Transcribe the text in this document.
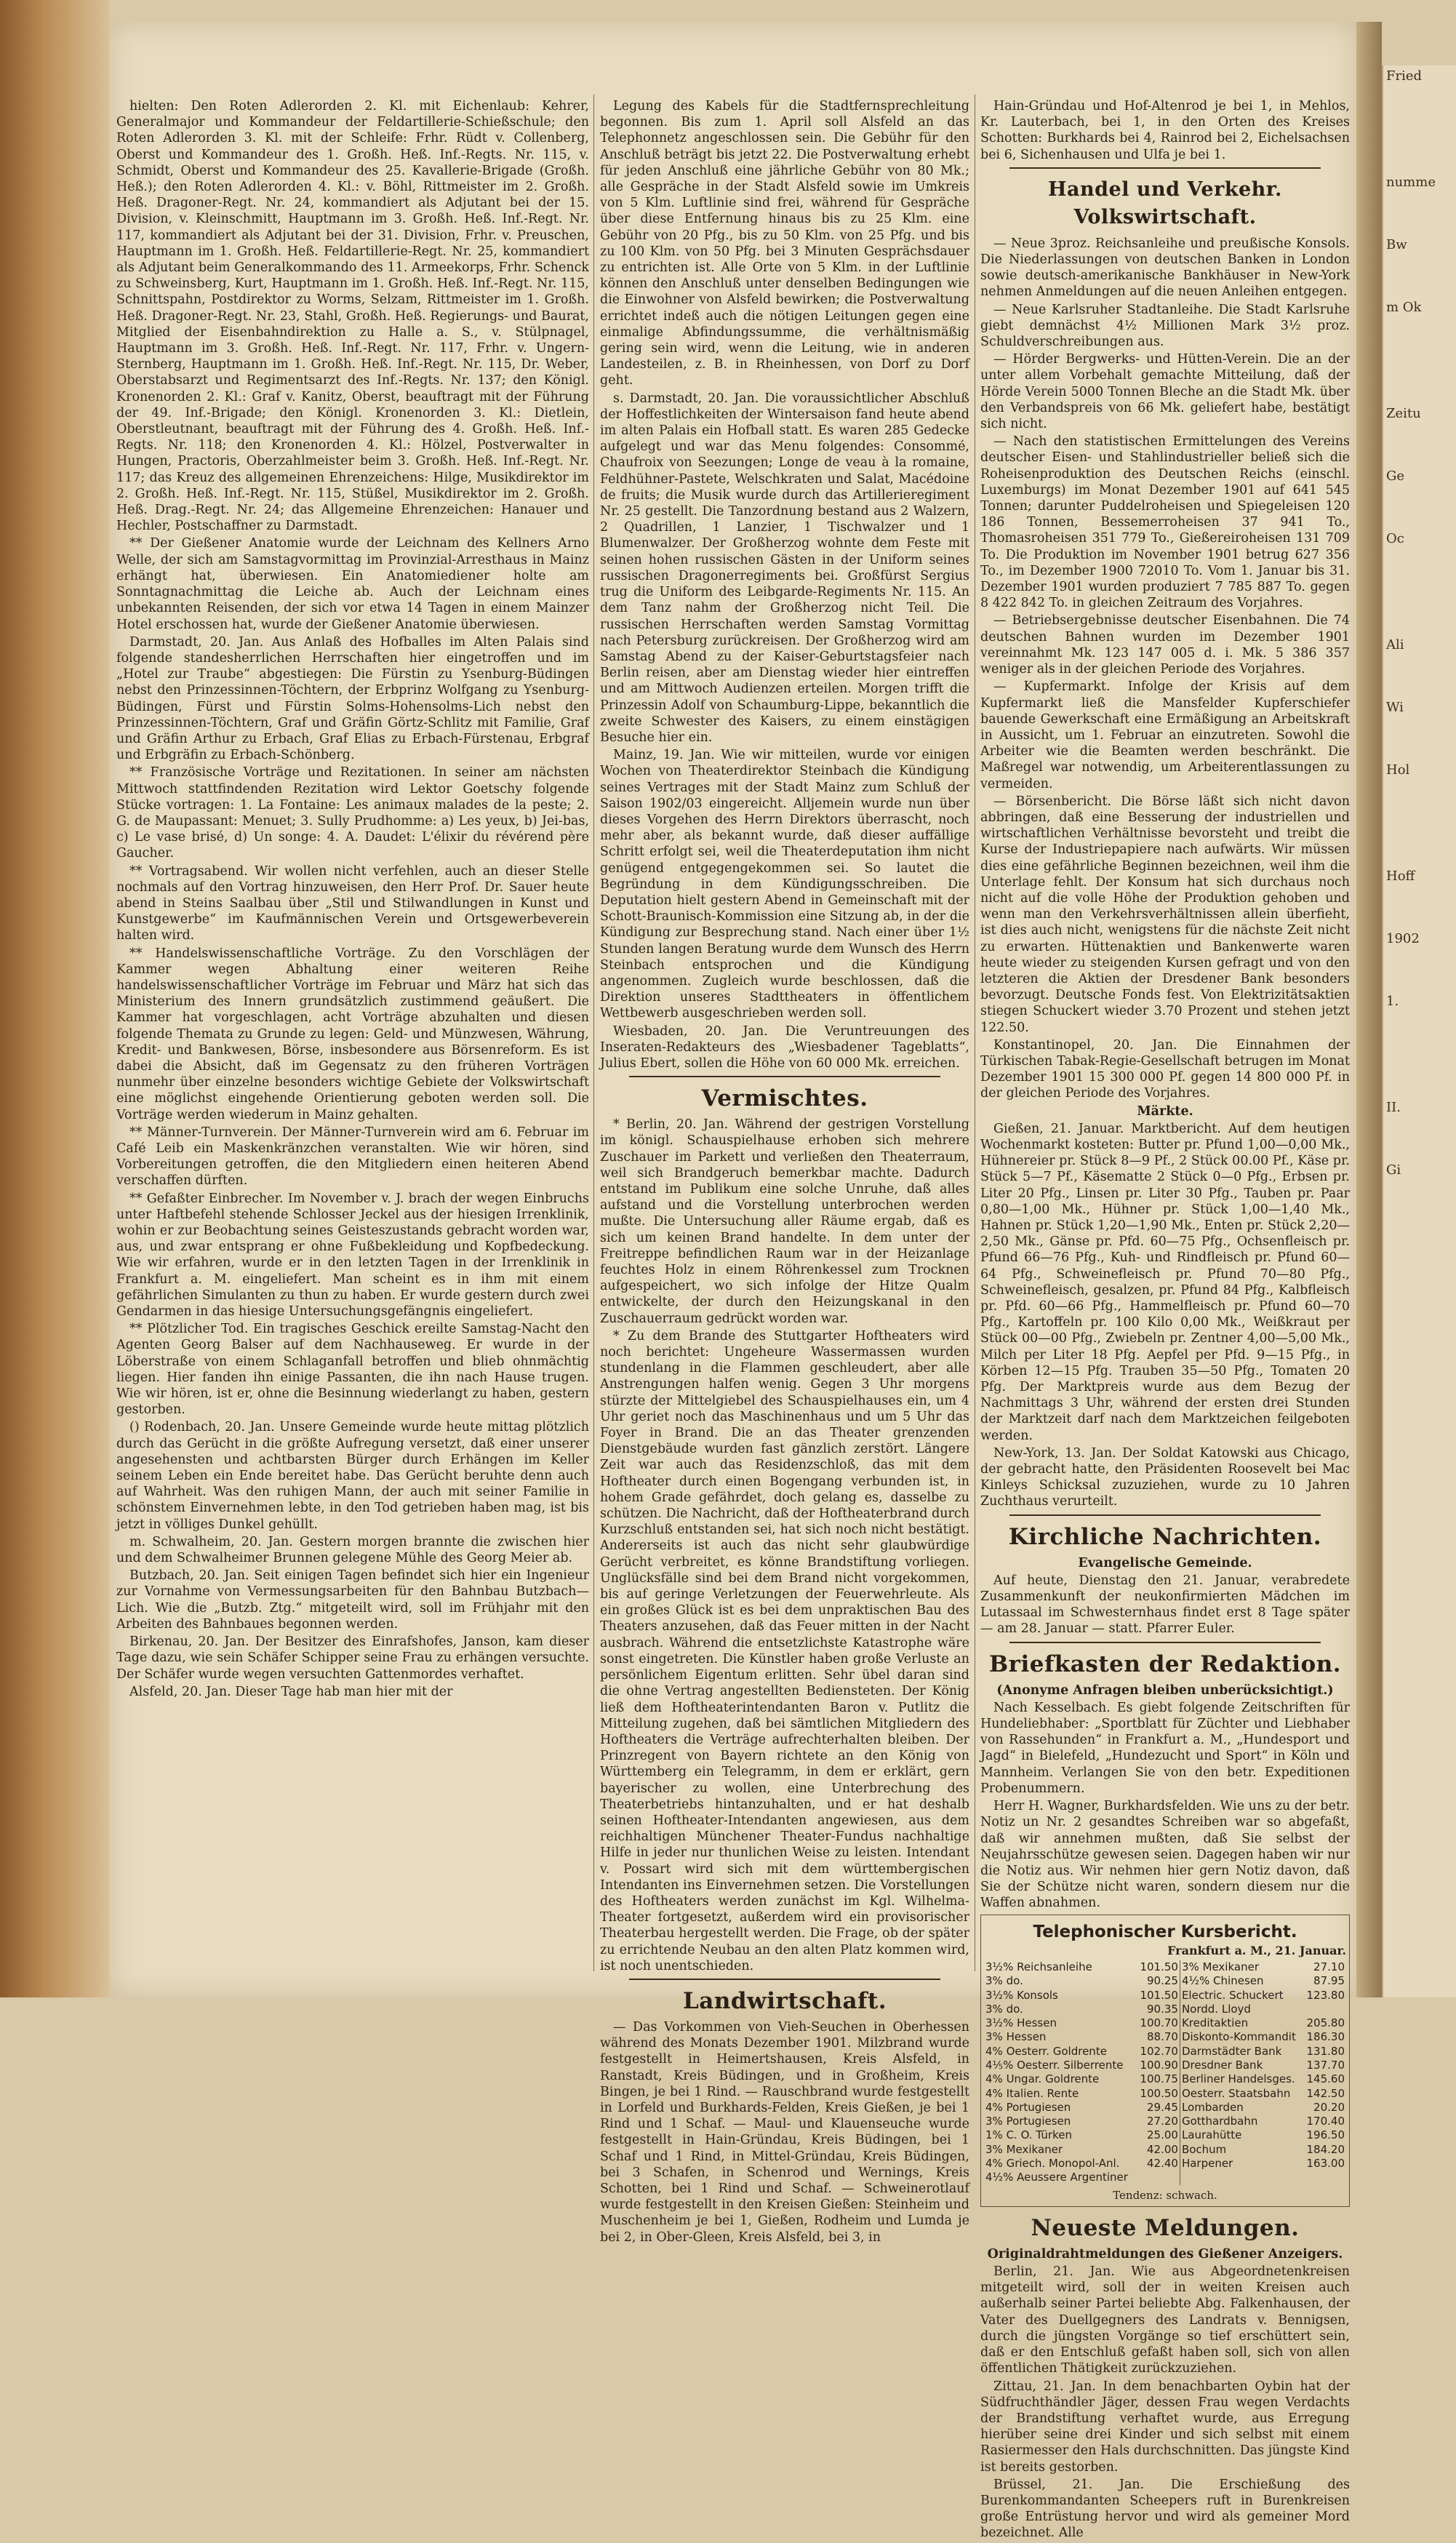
Fried
numme
Bw
m Ok
Zeitu
Ge
Oc
Ali
Wi
Hol
Hoff
1902
1.
II.
Gi

hielten: Den Roten Adlerorden 2. Kl. mit Eichenlaub: Kehrer, Generalmajor und Kommandeur der Feldartillerie-Schießschule; den Roten Adlerorden 3. Kl. mit der Schleife: Frhr. Rüdt v. Collenberg, Oberst und Kommandeur des 1. Großh. Heß. Inf.-Regts. Nr. 115, v. Schmidt, Oberst und Kommandeur des 25. Kavallerie-Brigade (Großh. Heß.); den Roten Adlerorden 4. Kl.: v. Böhl, Rittmeister im 2. Großh. Heß. Dragoner-Regt. Nr. 24, kommandiert als Adjutant bei der 15. Division, v. Kleinschmitt, Hauptmann im 3. Großh. Heß. Inf.-Regt. Nr. 117, kommandiert als Adjutant bei der 31. Division, Frhr. v. Preuschen, Hauptmann im 1. Großh. Heß. Feldartillerie-Regt. Nr. 25, kommandiert als Adjutant beim Generalkommando des 11. Armeekorps, Frhr. Schenck zu Schweinsberg, Kurt, Hauptmann im 1. Großh. Heß. Inf.-Regt. Nr. 115, Schnittspahn, Postdirektor zu Worms, Selzam, Rittmeister im 1. Großh. Heß. Dragoner-Regt. Nr. 23, Stahl, Großh. Heß. Regierungs- und Baurat, Mitglied der Eisenbahndirektion zu Halle a. S., v. Stülpnagel, Hauptmann im 3. Großh. Heß. Inf.-Regt. Nr. 117, Frhr. v. Ungern-Sternberg, Hauptmann im 1. Großh. Heß. Inf.-Regt. Nr. 115, Dr. Weber, Oberstabsarzt und Regimentsarzt des Inf.-Regts. Nr. 137; den Königl. Kronenorden 2. Kl.: Graf v. Kanitz, Oberst, beauftragt mit der Führung der 49. Inf.-Brigade; den Königl. Kronenorden 3. Kl.: Dietlein, Oberstleutnant, beauftragt mit der Führung des 4. Großh. Heß. Inf.-Regts. Nr. 118; den Kronenorden 4. Kl.: Hölzel, Postverwalter in Hungen, Practoris, Oberzahlmeister beim 3. Großh. Heß. Inf.-Regt. Nr. 117; das Kreuz des allgemeinen Ehrenzeichens: Hilge, Musikdirektor im 2. Großh. Heß. Inf.-Regt. Nr. 115, Stüßel, Musikdirektor im 2. Großh. Heß. Drag.-Regt. Nr. 24; das Allgemeine Ehrenzeichen: Hanauer und Hechler, Postschaffner zu Darmstadt.

** Der Gießener Anatomie wurde der Leichnam des Kellners Arno Welle, der sich am Samstagvormittag im Provinzial-Arresthaus in Mainz erhängt hat, überwiesen. Ein Anatomiediener holte am Sonntagnachmittag die Leiche ab. Auch der Leichnam eines unbekannten Reisenden, der sich vor etwa 14 Tagen in einem Mainzer Hotel erschossen hat, wurde der Gießener Anatomie überwiesen.

Darmstadt, 20. Jan. Aus Anlaß des Hofballes im Alten Palais sind folgende standesherrlichen Herrschaften hier eingetroffen und im „Hotel zur Traube“ abgestiegen: Die Fürstin zu Ysenburg-Büdingen nebst den Prinzessinnen-Töchtern, der Erbprinz Wolfgang zu Ysenburg-Büdingen, Fürst und Fürstin Solms-Hohensolms-Lich nebst den Prinzessinnen-Töchtern, Graf und Gräfin Görtz-Schlitz mit Familie, Graf und Gräfin Arthur zu Erbach, Graf Elias zu Erbach-Fürstenau, Erbgraf und Erbgräfin zu Erbach-Schönberg.

** Französische Vorträge und Rezitationen. In seiner am nächsten Mittwoch stattfindenden Rezitation wird Lektor Goetschy folgende Stücke vortragen: 1. La Fontaine: Les animaux malades de la peste; 2. G. de Maupassant: Menuet; 3. Sully Prudhomme: a) Les yeux, b) Jei-bas, c) Le vase brisé, d) Un songe: 4. A. Daudet: L'élixir du révérend père Gaucher.

** Vortragsabend. Wir wollen nicht verfehlen, auch an dieser Stelle nochmals auf den Vortrag hinzuweisen, den Herr Prof. Dr. Sauer heute abend in Steins Saalbau über „Stil und Stilwandlungen in Kunst und Kunstgewerbe“ im Kaufmännischen Verein und Ortsgewerbeverein halten wird.

** Handelswissenschaftliche Vorträge. Zu den Vorschlägen der Kammer wegen Abhaltung einer weiteren Reihe handelswissenschaftlicher Vorträge im Februar und März hat sich das Ministerium des Innern grundsätzlich zustimmend geäußert. Die Kammer hat vorgeschlagen, acht Vorträge abzuhalten und diesen folgende Themata zu Grunde zu legen: Geld- und Münzwesen, Währung, Kredit- und Bankwesen, Börse, insbesondere aus Börsenreform. Es ist dabei die Absicht, daß im Gegensatz zu den früheren Vorträgen nunmehr über einzelne besonders wichtige Gebiete der Volkswirtschaft eine möglichst eingehende Orientierung geboten werden soll. Die Vorträge werden wiederum in Mainz gehalten.

** Männer-Turnverein. Der Männer-Turnverein wird am 6. Februar im Café Leib ein Maskenkränzchen veranstalten. Wie wir hören, sind Vorbereitungen getroffen, die den Mitgliedern einen heiteren Abend verschaffen dürften.

** Gefaßter Einbrecher. Im November v. J. brach der wegen Einbruchs unter Haftbefehl stehende Schlosser Jeckel aus der hiesigen Irrenklinik, wohin er zur Beobachtung seines Geisteszustands gebracht worden war, aus, und zwar entsprang er ohne Fußbekleidung und Kopfbedeckung. Wie wir erfahren, wurde er in den letzten Tagen in der Irrenklinik in Frankfurt a. M. eingeliefert. Man scheint es in ihm mit einem gefährlichen Simulanten zu thun zu haben. Er wurde gestern durch zwei Gendarmen in das hiesige Untersuchungsgefängnis eingeliefert.

** Plötzlicher Tod. Ein tragisches Geschick ereilte Samstag-Nacht den Agenten Georg Balser auf dem Nachhauseweg. Er wurde in der Löberstraße von einem Schlaganfall betroffen und blieb ohnmächtig liegen. Hier fanden ihn einige Passanten, die ihn nach Hause trugen. Wie wir hören, ist er, ohne die Besinnung wiederlangt zu haben, gestern gestorben.

() Rodenbach, 20. Jan. Unsere Gemeinde wurde heute mittag plötzlich durch das Gerücht in die größte Aufregung versetzt, daß einer unserer angesehensten und achtbarsten Bürger durch Erhängen im Keller seinem Leben ein Ende bereitet habe. Das Gerücht beruhte denn auch auf Wahrheit. Was den ruhigen Mann, der auch mit seiner Familie in schönstem Einvernehmen lebte, in den Tod getrieben haben mag, ist bis jetzt in völliges Dunkel gehüllt.

m. Schwalheim, 20. Jan. Gestern morgen brannte die zwischen hier und dem Schwalheimer Brunnen gelegene Mühle des Georg Meier ab.

Butzbach, 20. Jan. Seit einigen Tagen befindet sich hier ein Ingenieur zur Vornahme von Vermessungsarbeiten für den Bahnbau Butzbach—Lich. Wie die „Butzb. Ztg.“ mitgeteilt wird, soll im Frühjahr mit den Arbeiten des Bahnbaues begonnen werden.

Birkenau, 20. Jan. Der Besitzer des Einrafshofes, Janson, kam dieser Tage dazu, wie sein Schäfer Schipper seine Frau zu erhängen versuchte. Der Schäfer wurde wegen versuchten Gattenmordes verhaftet.

Alsfeld, 20. Jan. Dieser Tage hab man hier mit der

Legung des Kabels für die Stadtfernsprechleitung begonnen. Bis zum 1. April soll Alsfeld an das Telephonnetz angeschlossen sein. Die Gebühr für den Anschluß beträgt bis jetzt 22. Die Postverwaltung erhebt für jeden Anschluß eine jährliche Gebühr von 80 Mk.; alle Gespräche in der Stadt Alsfeld sowie im Umkreis von 5 Klm. Luftlinie sind frei, während für Gespräche über diese Entfernung hinaus bis zu 25 Klm. eine Gebühr von 20 Pfg., bis zu 50 Klm. von 25 Pfg. und bis zu 100 Klm. von 50 Pfg. bei 3 Minuten Gesprächsdauer zu entrichten ist. Alle Orte von 5 Klm. in der Luftlinie können den Anschluß unter denselben Bedingungen wie die Einwohner von Alsfeld bewirken; die Postverwaltung errichtet indeß auch die nötigen Leitungen gegen eine einmalige Abfindungssumme, die verhältnismäßig gering sein wird, wenn die Leitung, wie in anderen Landesteilen, z. B. in Rheinhessen, von Dorf zu Dorf geht.

s. Darmstadt, 20. Jan. Die voraussichtlicher Abschluß der Hoffestlichkeiten der Wintersaison fand heute abend im alten Palais ein Hofball statt. Es waren 285 Gedecke aufgelegt und war das Menu folgendes: Consommé, Chaufroix von Seezungen; Longe de veau à la romaine, Feldhühner-Pastete, Welschkraten und Salat, Macédoine de fruits; die Musik wurde durch das Artillerieregiment Nr. 25 gestellt. Die Tanzordnung bestand aus 2 Walzern, 2 Quadrillen, 1 Lanzier, 1 Tischwalzer und 1 Blumenwalzer. Der Großherzog wohnte dem Feste mit seinen hohen russischen Gästen in der Uniform seines russischen Dragonerregiments bei. Großfürst Sergius trug die Uniform des Leibgarde-Regiments Nr. 115. An dem Tanz nahm der Großherzog nicht Teil. Die russischen Herrschaften werden Samstag Vormittag nach Petersburg zurückreisen. Der Großherzog wird am Samstag Abend zu der Kaiser-Geburtstagsfeier nach Berlin reisen, aber am Dienstag wieder hier eintreffen und am Mittwoch Audienzen erteilen. Morgen trifft die Prinzessin Adolf von Schaumburg-Lippe, bekanntlich die zweite Schwester des Kaisers, zu einem einstägigen Besuche hier ein.

Mainz, 19. Jan. Wie wir mitteilen, wurde vor einigen Wochen von Theaterdirektor Steinbach die Kündigung seines Vertrages mit der Stadt Mainz zum Schluß der Saison 1902/03 eingereicht. Alljemein wurde nun über dieses Vorgehen des Herrn Direktors überrascht, noch mehr aber, als bekannt wurde, daß dieser auffällige Schritt erfolgt sei, weil die Theaterdeputation ihm nicht genügend entgegengekommen sei. So lautet die Begründung in dem Kündigungsschreiben. Die Deputation hielt gestern Abend in Gemeinschaft mit der Schott-Braunisch-Kommission eine Sitzung ab, in der die Kündigung zur Besprechung stand. Nach einer über 1½ Stunden langen Beratung wurde dem Wunsch des Herrn Steinbach entsprochen und die Kündigung angenommen. Zugleich wurde beschlossen, daß die Direktion unseres Stadttheaters in öffentlichem Wettbewerb ausgeschrieben werden soll.

Wiesbaden, 20. Jan. Die Veruntreuungen des Inseraten-Redakteurs des „Wiesbadener Tageblatts“, Julius Ebert, sollen die Höhe von 60 000 Mk. erreichen.

Vermischtes.

* Berlin, 20. Jan. Während der gestrigen Vorstellung im königl. Schauspielhause erhoben sich mehrere Zuschauer im Parkett und verließen den Theaterraum, weil sich Brandgeruch bemerkbar machte. Dadurch entstand im Publikum eine solche Unruhe, daß alles aufstand und die Vorstellung unterbrochen werden mußte. Die Untersuchung aller Räume ergab, daß es sich um keinen Brand handelte. In dem unter der Freitreppe befindlichen Raum war in der Heizanlage feuchtes Holz in einem Röhrenkessel zum Trocknen aufgespeichert, wo sich infolge der Hitze Qualm entwickelte, der durch den Heizungskanal in den Zuschauerraum gedrückt worden war.

* Zu dem Brande des Stuttgarter Hoftheaters wird noch berichtet: Ungeheure Wassermassen wurden stundenlang in die Flammen geschleudert, aber alle Anstrengungen halfen wenig. Gegen 3 Uhr morgens stürzte der Mittelgiebel des Schauspielhauses ein, um 4 Uhr geriet noch das Maschinenhaus und um 5 Uhr das Foyer in Brand. Die an das Theater grenzenden Dienstgebäude wurden fast gänzlich zerstört. Längere Zeit war auch das Residenzschloß, das mit dem Hoftheater durch einen Bogengang verbunden ist, in hohem Grade gefährdet, doch gelang es, dasselbe zu schützen. Die Nachricht, daß der Hoftheaterbrand durch Kurzschluß entstanden sei, hat sich noch nicht bestätigt. Andererseits ist auch das nicht sehr glaubwürdige Gerücht verbreitet, es könne Brandstiftung vorliegen. Unglücksfälle sind bei dem Brand nicht vorgekommen, bis auf geringe Verletzungen der Feuerwehrleute. Als ein großes Glück ist es bei dem unpraktischen Bau des Theaters anzusehen, daß das Feuer mitten in der Nacht ausbrach. Während die entsetzlichste Katastrophe wäre sonst eingetreten. Die Künstler haben große Verluste an persönlichem Eigentum erlitten. Sehr übel daran sind die ohne Vertrag angestellten Bediensteten. Der König ließ dem Hoftheaterintendanten Baron v. Putlitz die Mitteilung zugehen, daß bei sämtlichen Mitgliedern des Hoftheaters die Verträge aufrechterhalten bleiben. Der Prinzregent von Bayern richtete an den König von Württemberg ein Telegramm, in dem er erklärt, gern bayerischer zu wollen, eine Unterbrechung des Theaterbetriebs hintanzuhalten, und er hat deshalb seinen Hoftheater-Intendanten angewiesen, aus dem reichhaltigen Münchener Theater-Fundus nachhaltige Hilfe in jeder nur thunlichen Weise zu leisten. Intendant v. Possart wird sich mit dem württembergischen Intendanten ins Einvernehmen setzen. Die Vorstellungen des Hoftheaters werden zunächst im Kgl. Wilhelma-Theater fortgesetzt, außerdem wird ein provisorischer Theaterbau hergestellt werden. Die Frage, ob der später zu errichtende Neubau an den alten Platz kommen wird, ist noch unentschieden.

Landwirtschaft.

— Das Vorkommen von Vieh-Seuchen in Oberhessen während des Monats Dezember 1901. Milzbrand wurde festgestellt in Heimertshausen, Kreis Alsfeld, in Ranstadt, Kreis Büdingen, und in Großheim, Kreis Bingen, je bei 1 Rind. — Rauschbrand wurde festgestellt in Lorfeld und Burkhards-Felden, Kreis Gießen, je bei 1 Rind und 1 Schaf. — Maul- und Klauenseuche wurde festgestellt in Hain-Gründau, Kreis Büdingen, bei 1 Schaf und 1 Rind, in Mittel-Gründau, Kreis Büdingen, bei 3 Schafen, in Schenrod und Wernings, Kreis Schotten, bei 1 Rind und Schaf. — Schweinerotlauf wurde festgestellt in den Kreisen Gießen: Steinheim und Muschenheim je bei 1, Gießen, Rodheim und Lumda je bei 2, in Ober-Gleen, Kreis Alsfeld, bei 3, in

Hain-Gründau und Hof-Altenrod je bei 1, in Mehlos, Kr. Lauterbach, bei 1, in den Orten des Kreises Schotten: Burkhards bei 4, Rainrod bei 2, Eichelsachsen bei 6, Sichenhausen und Ulfa je bei 1.

Handel und Verkehr. Volkswirtschaft.

— Neue 3proz. Reichsanleihe und preußische Konsols. Die Niederlassungen von deutschen Banken in London sowie deutsch-amerikanische Bankhäuser in New-York nehmen Anmeldungen auf die neuen Anleihen entgegen.

— Neue Karlsruher Stadtanleihe. Die Stadt Karlsruhe giebt demnächst 4½ Millionen Mark 3½ proz. Schuldverschreibungen aus.

— Hörder Bergwerks- und Hütten-Verein. Die an der unter allem Vorbehalt gemachte Mitteilung, daß der Hörde Verein 5000 Tonnen Bleche an die Stadt Mk. über den Verbandspreis von 66 Mk. geliefert habe, bestätigt sich nicht.

— Nach den statistischen Ermittelungen des Vereins deutscher Eisen- und Stahlindustrieller beließ sich die Roheisenproduktion des Deutschen Reichs (einschl. Luxemburgs) im Monat Dezember 1901 auf 641 545 Tonnen; darunter Puddelroheisen und Spiegeleisen 120 186 Tonnen, Bessemerroheisen 37 941 To., Thomasroheisen 351 779 To., Gießereiroheisen 131 709 To. Die Produktion im November 1901 betrug 627 356 To., im Dezember 1900 72010 To. Vom 1. Januar bis 31. Dezember 1901 wurden produziert 7 785 887 To. gegen 8 422 842 To. in gleichen Zeitraum des Vorjahres.

— Betriebsergebnisse deutscher Eisenbahnen. Die 74 deutschen Bahnen wurden im Dezember 1901 vereinnahmt Mk. 123 147 005 d. i. Mk. 5 386 357 weniger als in der gleichen Periode des Vorjahres.

— Kupfermarkt. Infolge der Krisis auf dem Kupfermarkt ließ die Mansfelder Kupferschiefer bauende Gewerkschaft eine Ermäßigung an Arbeitskraft in Aussicht, um 1. Februar an einzutreten. Sowohl die Arbeiter wie die Beamten werden beschränkt. Die Maßregel war notwendig, um Arbeiterentlassungen zu vermeiden.

— Börsenbericht. Die Börse läßt sich nicht davon abbringen, daß eine Besserung der industriellen und wirtschaftlichen Verhältnisse bevorsteht und treibt die Kurse der Industriepapiere nach aufwärts. Wir müssen dies eine gefährliche Beginnen bezeichnen, weil ihm die Unterlage fehlt. Der Konsum hat sich durchaus noch nicht auf die volle Höhe der Produktion gehoben und wenn man den Verkehrsverhältnissen allein überfieht, ist dies auch nicht, wenigstens für die nächste Zeit nicht zu erwarten. Hüttenaktien und Bankenwerte waren heute wieder zu steigenden Kursen gefragt und von den letzteren die Aktien der Dresdener Bank besonders bevorzugt. Deutsche Fonds fest. Von Elektrizitätsaktien stiegen Schuckert wieder 3.70 Prozent und stehen jetzt 122.50.

Konstantinopel, 20. Jan. Die Einnahmen der Türkischen Tabak-Regie-Gesellschaft betrugen im Monat Dezember 1901 15 300 000 Pf. gegen 14 800 000 Pf. in der gleichen Periode des Vorjahres.

Märkte.

Gießen, 21. Januar. Marktbericht. Auf dem heutigen Wochenmarkt kosteten: Butter pr. Pfund 1,00—0,00 Mk., Hühnereier pr. Stück 8—9 Pf., 2 Stück 00.00 Pf., Käse pr. Stück 5—7 Pf., Käsematte 2 Stück 0—0 Pfg., Erbsen pr. Liter 20 Pfg., Linsen pr. Liter 30 Pfg., Tauben pr. Paar 0,80—1,00 Mk., Hühner pr. Stück 1,00—1,40 Mk., Hahnen pr. Stück 1,20—1,90 Mk., Enten pr. Stück 2,20—2,50 Mk., Gänse pr. Pfd. 60—75 Pfg., Ochsenfleisch pr. Pfund 66—76 Pfg., Kuh- und Rindfleisch pr. Pfund 60—64 Pfg., Schweinefleisch pr. Pfund 70—80 Pfg., Schweinefleisch, gesalzen, pr. Pfund 84 Pfg., Kalbfleisch pr. Pfd. 60—66 Pfg., Hammelfleisch pr. Pfund 60—70 Pfg., Kartoffeln pr. 100 Kilo 0,00 Mk., Weißkraut per Stück 00—00 Pfg., Zwiebeln pr. Zentner 4,00—5,00 Mk., Milch per Liter 18 Pfg. Aepfel per Pfd. 9—15 Pfg., in Körben 12—15 Pfg. Trauben 35—50 Pfg., Tomaten 20 Pfg. Der Marktpreis wurde aus dem Bezug der Nachmittags 3 Uhr, während der ersten drei Stunden der Marktzeit darf nach dem Marktzeichen feilgeboten werden.

New-York, 13. Jan. Der Soldat Katowski aus Chicago, der gebracht hatte, den Präsidenten Roosevelt bei Mac Kinleys Schicksal zuzuziehen, wurde zu 10 Jahren Zuchthaus verurteilt.

Kirchliche Nachrichten.
Evangelische Gemeinde.

Auf heute, Dienstag den 21. Januar, verabredete Zusammenkunft der neukonfirmierten Mädchen im Lutassaal im Schwesternhaus findet erst 8 Tage später — am 28. Januar — statt. Pfarrer Euler.

Briefkasten der Redaktion.
(Anonyme Anfragen bleiben unberücksichtigt.)

Nach Kesselbach. Es giebt folgende Zeitschriften für Hundeliebhaber: „Sportblatt für Züchter und Liebhaber von Rassehunden“ in Frankfurt a. M., „Hundesport und Jagd“ in Bielefeld, „Hundezucht und Sport“ in Köln und Mannheim. Verlangen Sie von den betr. Expeditionen Probenummern.

Herr H. Wagner, Burkhardsfelden. Wie uns zu der betr. Notiz un Nr. 2 gesandtes Schreiben war so abgefaßt, daß wir annehmen mußten, daß Sie selbst der Neujahrsschütze gewesen seien. Dagegen haben wir nur die Notiz aus. Wir nehmen hier gern Notiz davon, daß Sie der Schütze nicht waren, sondern diesem nur die Waffen abnahmen.

Telephonischer Kursbericht.
Frankfurt a. M., 21. Januar.
3½% Reichsanleihe	101.50	3% Mexikaner	27.10
3% do.	90.25	4½% Chinesen	87.95
3½% Konsols	101.50	Electric. Schuckert	123.80
3% do.	90.35	Nordd. Lloyd	
3½% Hessen	100.70	Kreditaktien	205.80
3% Hessen	88.70	Diskonto-Kommandit	186.30
4% Oesterr. Goldrente	102.70	Darmstädter Bank	131.80
4⅕% Oesterr. Silberrente	100.90	Dresdner Bank	137.70
4% Ungar. Goldrente	100.75	Berliner Handelsges.	145.60
4% Italien. Rente	100.50	Oesterr. Staatsbahn	142.50
4% Portugiesen	29.45	Lombarden	20.20
3% Portugiesen	27.20	Gotthardbahn	170.40
1% C. O. Türken	25.00	Laurahütte	196.50
3% Mexikaner	42.00	Bochum	184.20
4% Griech. Monopol-Anl.	42.40	Harpener	163.00
4½% Aeussere Argentiner			
Tendenz: schwach.
Neueste Meldungen.
Originaldrahtmeldungen des Gießener Anzeigers.

Berlin, 21. Jan. Wie aus Abgeordnetenkreisen mitgeteilt wird, soll der in weiten Kreisen auch außerhalb seiner Partei beliebte Abg. Falkenhausen, der Vater des Duellgegners des Landrats v. Bennigsen, durch die jüngsten Vorgänge so tief erschüttert sein, daß er den Entschluß gefaßt haben soll, sich von allen öffentlichen Thätigkeit zurückzuziehen.

Zittau, 21. Jan. In dem benachbarten Oybin hat der Südfruchthändler Jäger, dessen Frau wegen Verdachts der Brandstiftung verhaftet wurde, aus Erregung hierüber seine drei Kinder und sich selbst mit einem Rasiermesser den Hals durchschnitten. Das jüngste Kind ist bereits gestorben.

Brüssel, 21. Jan. Die Erschießung des Burenkommandanten Scheepers ruft in Burenkreisen große Entrüstung hervor und wird als gemeiner Mord bezeichnet. Alle
